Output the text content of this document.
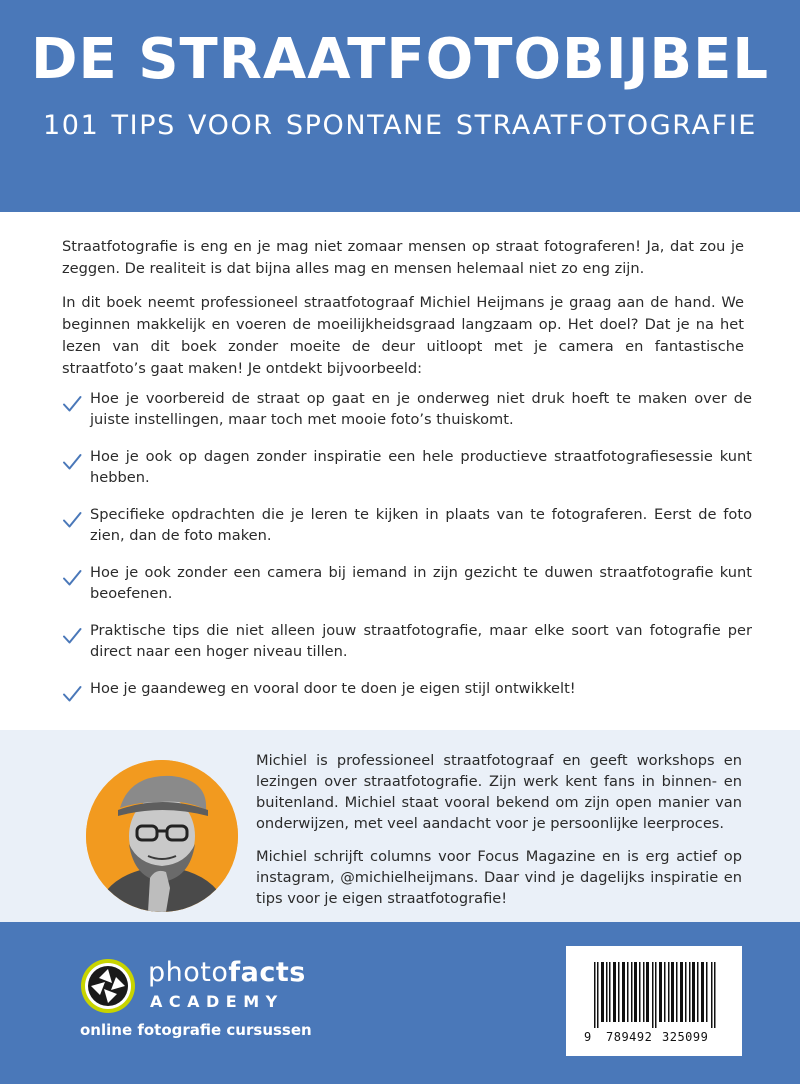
DE STRAATFOTOBIJBEL
101 TIPS VOOR SPONTANE STRAATFOTOGRAFIE

Straatfotografie is eng en je mag niet zomaar mensen op straat fotograferen! Ja, dat zou je zeggen. De realiteit is dat bijna alles mag en mensen helemaal niet zo eng zijn.

In dit boek neemt professioneel straatfotograaf Michiel Heijmans je graag aan de hand. We beginnen makkelijk en voeren de moeilijkheidsgraad langzaam op. Het doel? Dat je na het lezen van dit boek zonder moeite de deur uitloopt met je camera en fantastische straatfoto’s gaat maken! Je ontdekt bijvoorbeeld:

Hoe je voorbereid de straat op gaat en je onderweg niet druk hoeft te maken over de juiste instellingen, maar toch met mooie foto’s thuiskomt.
Hoe je ook op dagen zonder inspiratie een hele productieve straatfotografiesessie kunt hebben.
Specifieke opdrachten die je leren te kijken in plaats van te fotograferen. Eerst de foto zien, dan de foto maken.
Hoe je ook zonder een camera bij iemand in zijn gezicht te duwen straatfotografie kunt beoefenen.
Praktische tips die niet alleen jouw straatfotografie, maar elke soort van fotografie per direct naar een hoger niveau tillen.
Hoe je gaandeweg en vooral door te doen je eigen stijl ontwikkelt!

Michiel is professioneel straatfotograaf en geeft workshops en lezingen over straatfotografie. Zijn werk kent fans in binnen- en buitenland. Michiel staat vooral bekend om zijn open manier van onderwijzen, met veel aandacht voor je persoonlijke leerproces.

Michiel schrijft columns voor Focus Magazine en is erg actief op instagram, @michielheijmans. Daar vind je dagelijks inspiratie en tips voor je eigen straatfotografie!

photofacts
ACADEMY
online fotografie cursussen	9 789492 325099
